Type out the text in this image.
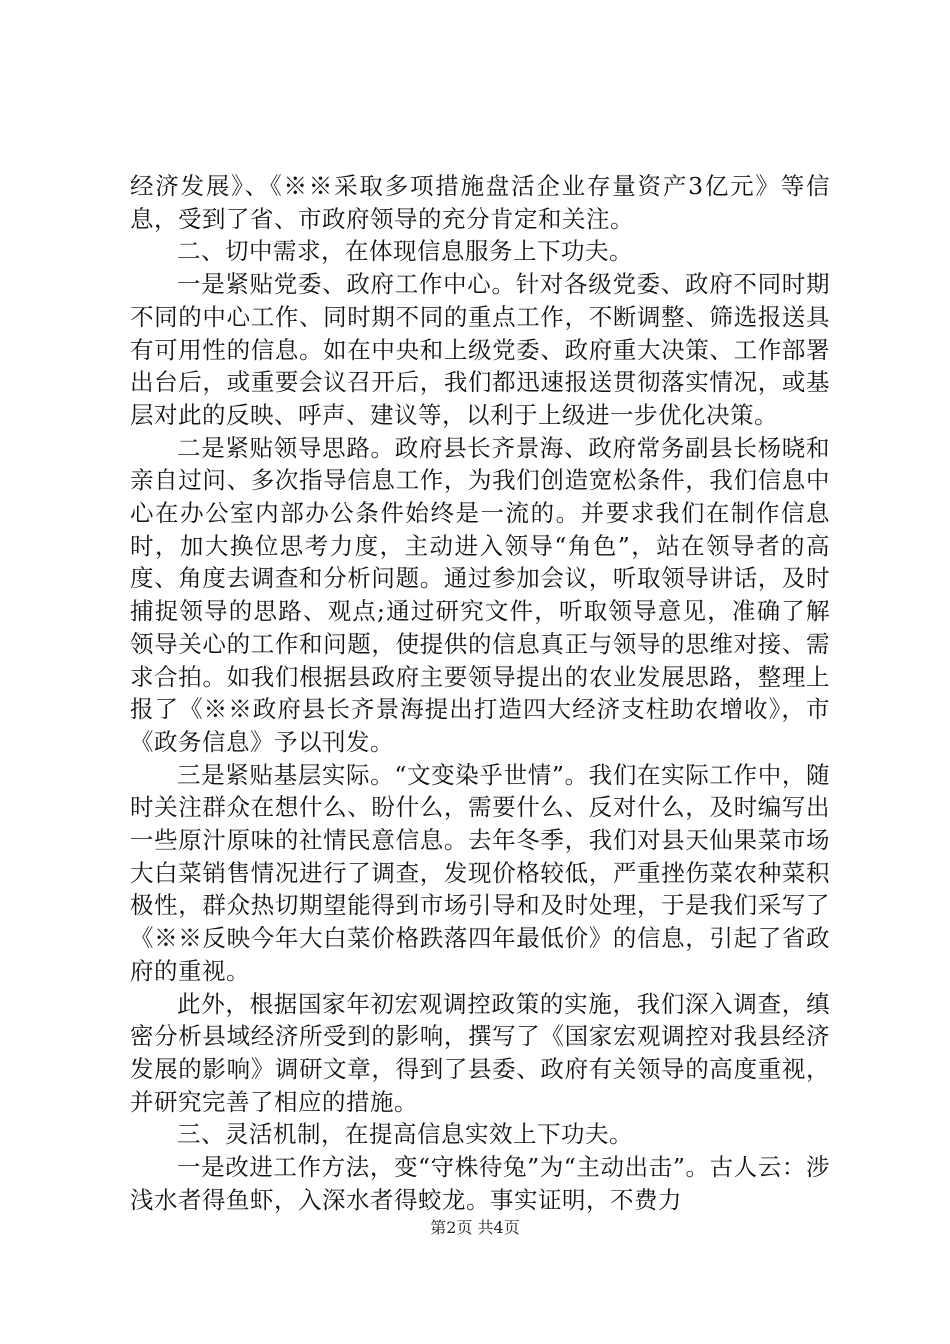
经济发展》、《※※采取多项措施盘活企业存量资产3亿元》等信息，受到了省、市政府领导的充分肯定和关注。

二、切中需求，在体现信息服务上下功夫。

一是紧贴党委、政府工作中心。针对各级党委、政府不同时期不同的中心工作、同时期不同的重点工作，不断调整、筛选报送具有可用性的信息。如在中央和上级党委、政府重大决策、工作部署出台后，或重要会议召开后，我们都迅速报送贯彻落实情况，或基层对此的反映、呼声、建议等，以利于上级进一步优化决策。

二是紧贴领导思路。政府县长齐景海、政府常务副县长杨晓和亲自过问、多次指导信息工作，为我们创造宽松条件，我们信息中心在办公室内部办公条件始终是一流的。并要求我们在制作信息时，加大换位思考力度，主动进入领导“角色”，站在领导者的高度、角度去调查和分析问题。通过参加会议，听取领导讲话，及时捕捉领导的思路、观点;通过研究文件，听取领导意见，准确了解领导关心的工作和问题，使提供的信息真正与领导的思维对接、需求合拍。如我们根据县政府主要领导提出的农业发展思路，整理上报了《※※政府县长齐景海提出打造四大经济支柱助农增收》，市《政务信息》予以刊发。

三是紧贴基层实际。“文变染乎世情”。我们在实际工作中，随时关注群众在想什么、盼什么，需要什么、反对什么，及时编写出一些原汁原味的社情民意信息。去年冬季，我们对县天仙果菜市场大白菜销售情况进行了调查，发现价格较低，严重挫伤菜农种菜积极性，群众热切期望能得到市场引导和及时处理，于是我们采写了《※※反映今年大白菜价格跌落四年最低价》的信息，引起了省政府的重视。

此外，根据国家年初宏观调控政策的实施，我们深入调查，缜密分析县域经济所受到的影响，撰写了《国家宏观调控对我县经济发展的影响》调研文章，得到了县委、政府有关领导的高度重视，并研究完善了相应的措施。

三、灵活机制，在提高信息实效上下功夫。

一是改进工作方法，变“守株待兔”为“主动出击”。古人云：涉浅水者得鱼虾，入深水者得蛟龙。事实证明，不费力

第2页 共4页
